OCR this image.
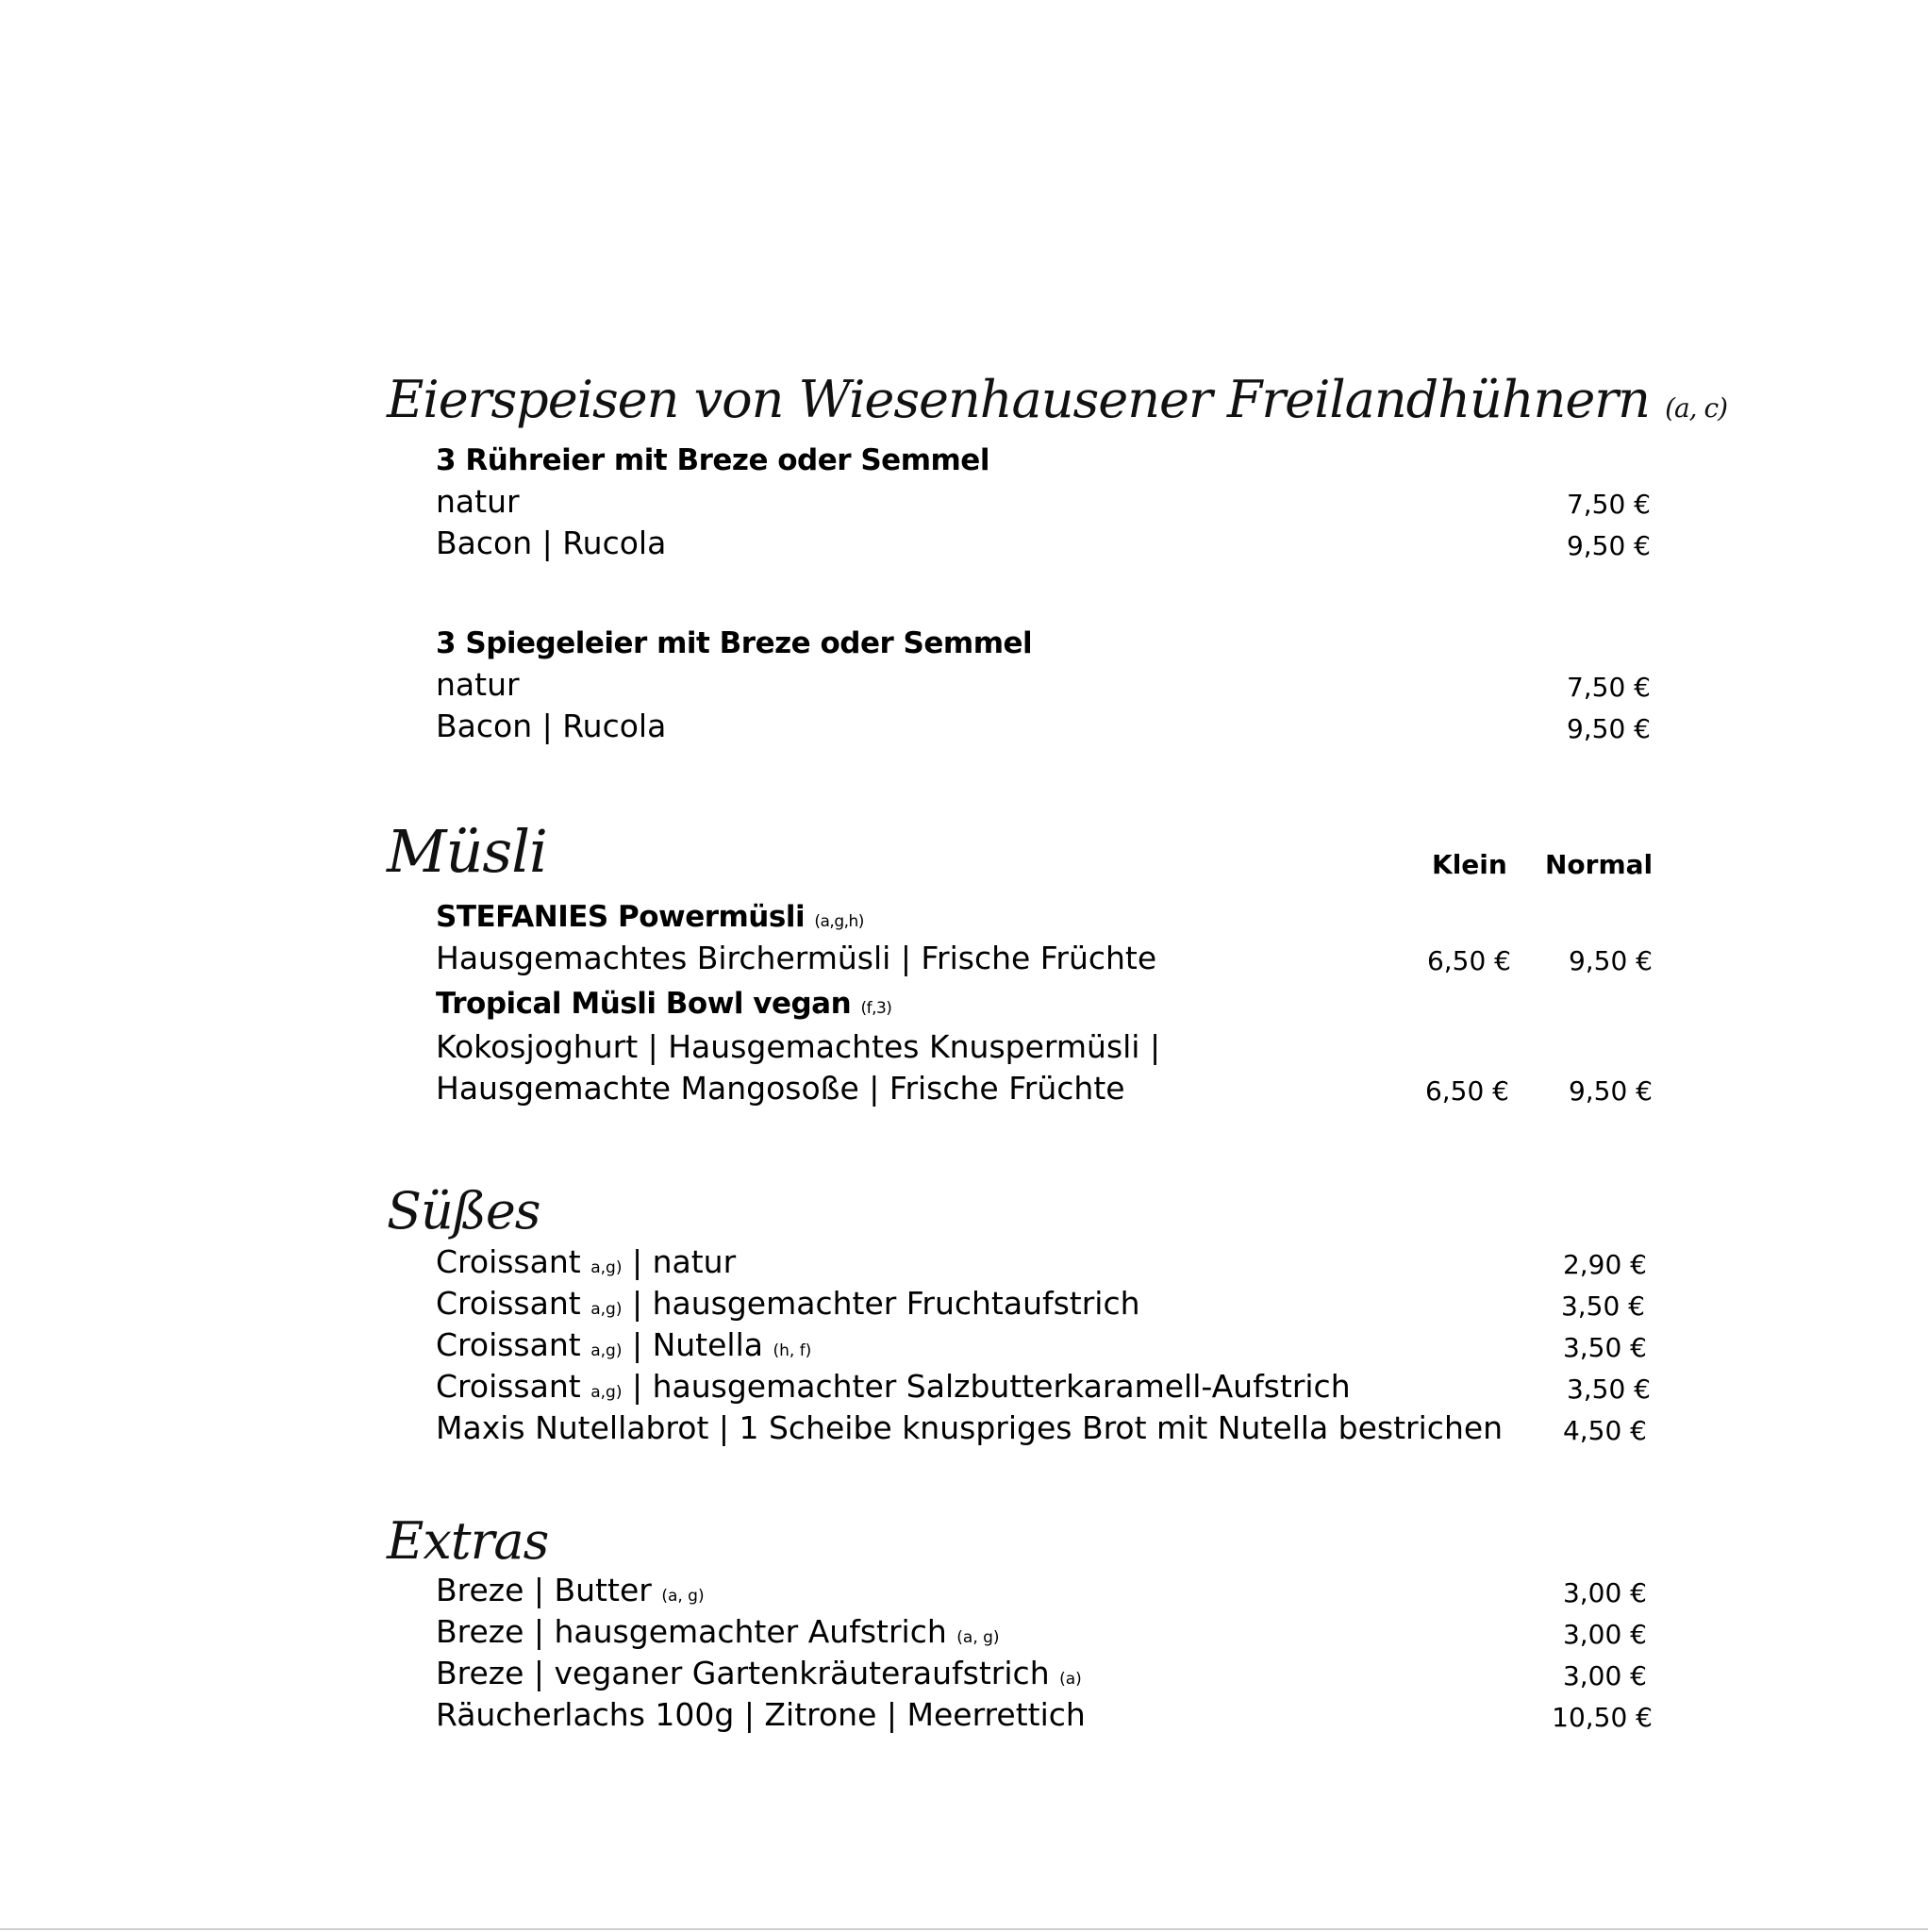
Eierspeisen von Wiesenhausener Freilandhühnern (a, c)
3 Rühreier mit Breze oder Semmel
natur	7,50 €
Bacon | Rucola	9,50 €
3 Spiegeleier mit Breze oder Semmel
natur	7,50 €
Bacon | Rucola	9,50 €
Müsli	Klein Normal
STEFANIES Powermüsli (a,g,h)
Hausgemachtes Birchermüsli | Frische Früchte	6,50 € 9,50 €
Tropical Müsli Bowl vegan (f,3)
Kokosjoghurt | Hausgemachtes Knuspermüsli |
Hausgemachte Mangosoße | Frische Früchte	6,50 € 9,50 €
Süßes
Croissant a,g) | natur	2,90 €
Croissant a,g) | hausgemachter Fruchtaufstrich	3,50 €
Croissant a,g) | Nutella (h, f)	3,50 €
Croissant a,g) | hausgemachter Salzbutterkaramell-Aufstrich	3,50 €
Maxis Nutellabrot | 1 Scheibe knuspriges Brot mit Nutella bestrichen 4,50 €
Extras
Breze | Butter (a, g)	3,00 €
Breze | hausgemachter Aufstrich (a, g)	3,00 €
Breze | veganer Gartenkräuteraufstrich (a)	3,00 €
Räucherlachs 100g | Zitrone | Meerrettich	10,50 €
